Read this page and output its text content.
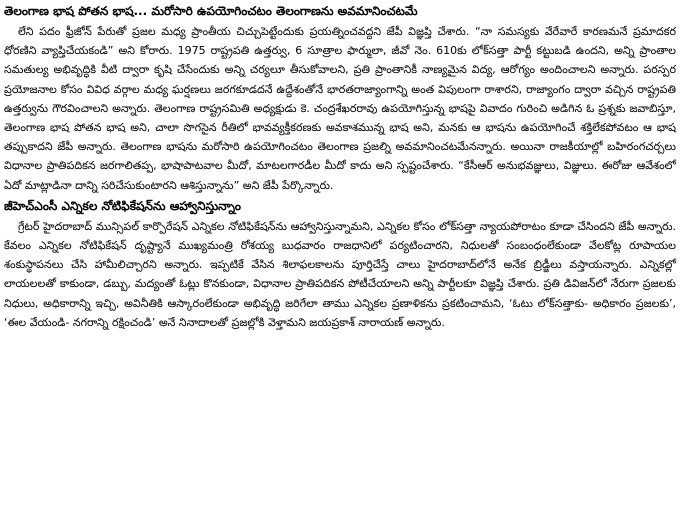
తెలంగాణ భాష పోతన భాష... మరోసారి ఉపయోగించటం తెలంగాణను అవమానించటమే
లేని పదం ఫ్రీజోన్ పేరుతో ప్రజల మధ్య ప్రాంతీయ చిచ్చుపెట్టేందుకు ప్రయత్నించవద్దని జేపీ విజ్ఞప్తి చేశారు. “నా సమస్యకు వేరేవారే కారణమనే ప్రమాదకర ధోరణిని వ్యాప్తిచేయకండి” అని కోరారు. 1975 రాష్ట్రపతి ఉత్తర్వు, 6 సూత్రాల ఫార్ములా, జీవో నెం. 610కు లోక్‌సత్తా పార్టీ కట్టుబడి ఉందని, అన్ని ప్రాంతాల సమతుల్య అభివృద్ధికి వీటి ద్వారా కృషి చేసేందుకు అన్ని చర్యలూ తీసుకోవాలని, ప్రతి ప్రాంతానికీ నాణ్యమైన విద్య, ఆరోగ్యం అందించాలని అన్నారు. పరస్పర ప్రయోజనాల కోసం వివిధ వర్గాల మధ్య ఘర్షణలు జరగకూడదనే ఉద్దేశంతోనే భారతరాజ్యాంగాన్ని అంత విపులంగా రాశారని, రాజ్యాంగం ద్వారా వచ్చిన రాష్ట్రపతి ఉత్తర్వును గౌరవించాలని అన్నారు. తెలంగాణ రాష్ట్రసమితి అధ్యక్షుడు కె. చంద్రశేఖరరావు ఉపయోగిస్తున్న భాషపై వివాదం గురించి అడిగిన ఓ ప్రశ్నకు జవాబిస్తూ, తెలంగాణ భాష పోతన భాష అని, చాలా సొగసైన రీతిలో భావవ్యక్తీకరణకు అవకాశమున్న భాష అని, మనకు ఆ భాషను ఉపయోగించే శక్తిలేకపోవటం ఆ భాష తప్పుకాదని జేపీ అన్నారు. తెలంగాణ భాషను మరోసారి ఉపయోగించటం తెలంగాణ ప్రజల్ని అవమానించటమేనన్నారు. అయినా రాజకీయాల్లో బహిరంగచర్చలు విధానాల ప్రాతిపదికన జరగాలితప్ప, భాషాపాటవాల మీదో, మాటలగారడీల మీదో కాదు అని స్పష్టంచేశారు. “కేసీఆర్ అనుభవజ్ఞులు, విజ్ఞులు. ఈరోజు ఆవేశంలో ఏదో మాట్లాడినా దాన్ని సరిచేసుకుంటారని ఆశిస్తున్నాను” అని జేపీ పేర్కొన్నారు.
జీహెచ్ఎంసీ ఎన్నికల నోటిఫికేషన్‌ను ఆహ్వానిస్తున్నాం
గ్రేటర్ హైదరాబాద్ మున్సిపల్ కార్పొరేషన్ ఎన్నికల నోటిఫికేషన్‌ను ఆహ్వానిస్తున్నామని, ఎన్నికల కోసం లోక్‌సత్తా న్యాయపోరాటం కూడా చేసిందని జేపీ అన్నారు. కేవలం ఎన్నికల నోటిఫికేషన్ దృష్ట్యానే ముఖ్యమంత్రి రోశయ్య బుధవారం రాజధానిలో పర్యటించారని, నిధులతో సంబంధంలేకుండా వేలకోట్ల రూపాయల శంకుస్థాపనలు చేసి హామీలిచ్చారని అన్నారు. ఇప్పటికే వేసిన శిలాఫలకాలను పూర్తిచేస్తే చాలు హైదరాబాద్‌లోనే అనేక బ్రిడ్జీలు వస్తాయన్నారు. ఎన్నికల్లో లాయలలతో కాకుండా, డబ్బు, మద్యంతో ఓట్లు కొనకుండా, విధానాల ప్రాతిపదికన పోటీచేయాలని అన్ని పార్టీలకూ విజ్ఞప్తి చేశారు. ప్రతి డివిజన్‌లో నేరుగా ప్రజలకు నిధులు, అధికారాన్ని ఇచ్చి, అవినీతికి ఆస్కారంలేకుండా అభివృద్ధి జరిగేలా తాము ఎన్నికల ప్రణాళికను ప్రకటించామని, ‘ఓటు లోక్‌సత్తాకు- అధికారం ప్రజలకు’, ‘ఈల వేయండి- నగరాన్ని రక్షించండి’ అనే నినాదాలతో ప్రజల్లోకి వెళ్తామని జయప్రకాశ్ నారాయణ్ అన్నారు.
